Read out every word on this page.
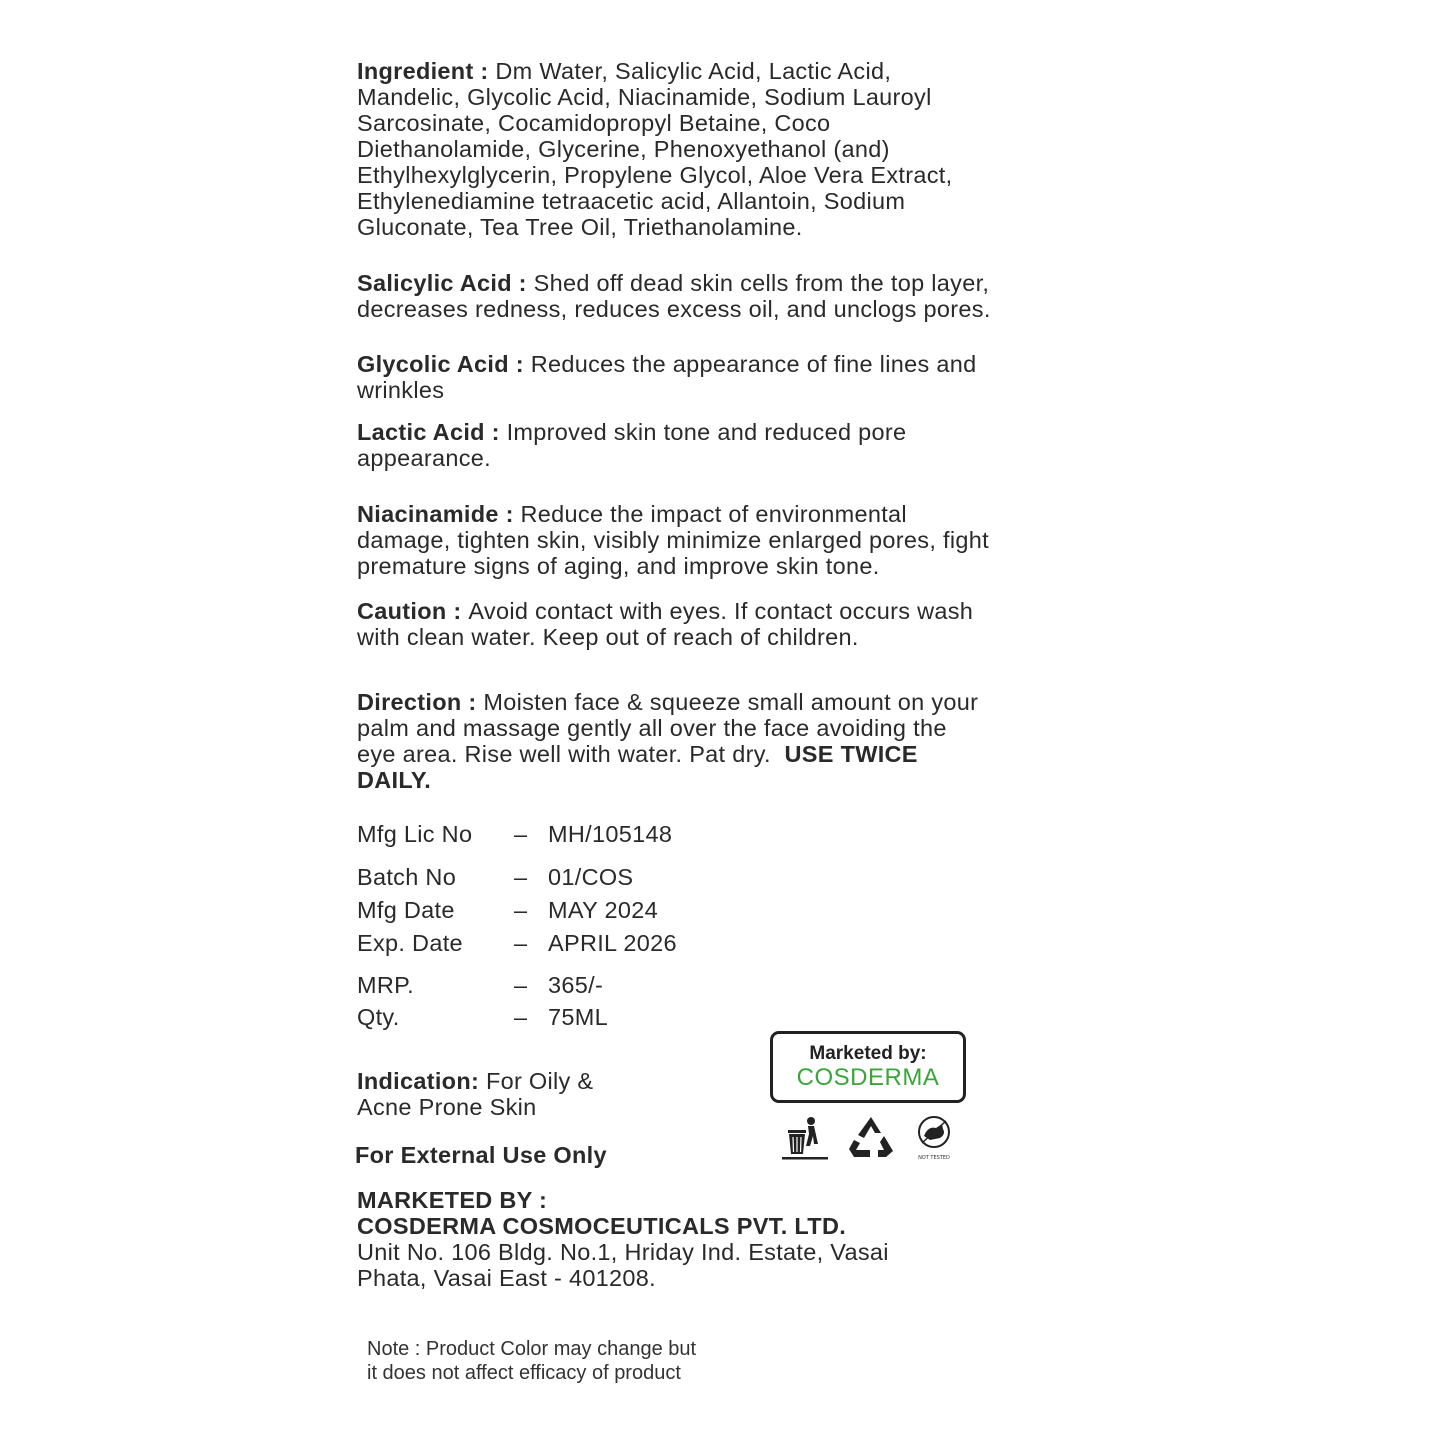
Ingredient : Dm Water, Salicylic Acid, Lactic Acid,
Mandelic, Glycolic Acid, Niacinamide, Sodium Lauroyl
Sarcosinate, Cocamidopropyl Betaine, Coco
Diethanolamide, Glycerine, Phenoxyethanol (and)
Ethylhexylglycerin, Propylene Glycol, Aloe Vera Extract,
Ethylenediamine tetraacetic acid, Allantoin, Sodium
Gluconate, Tea Tree Oil, Triethanolamine.
Salicylic Acid : Shed off dead skin cells from the top layer,
decreases redness, reduces excess oil, and unclogs pores.
Glycolic Acid : Reduces the appearance of fine lines and
wrinkles
Lactic Acid : Improved skin tone and reduced pore
appearance.
Niacinamide : Reduce the impact of environmental
damage, tighten skin, visibly minimize enlarged pores, fight
premature signs of aging, and improve skin tone.
Caution : Avoid contact with eyes. If contact occurs wash
with clean water. Keep out of reach of children.
Direction : Moisten face & squeeze small amount on your
palm and massage gently all over the face avoiding the
eye area. Rise well with water. Pat dry.  USE TWICE
DAILY.
Mfg Lic No – MH/105148
Batch No – 01/COS
Mfg Date	– MAY 2024
Exp. Date – APRIL 2026
MRP.	– 365/-
Qty.	– 75ML
Indication: For Oily &
Acne Prone Skin
For External Use Only
Marketed by:
COSDERMA
NOT TESTED
MARKETED BY :
COSDERMA COSMOCEUTICALS PVT. LTD.
Unit No. 106 Bldg. No.1, Hriday Ind. Estate, Vasai
Phata, Vasai East - 401208.
Note : Product Color may change but
it does not affect efficacy of product
